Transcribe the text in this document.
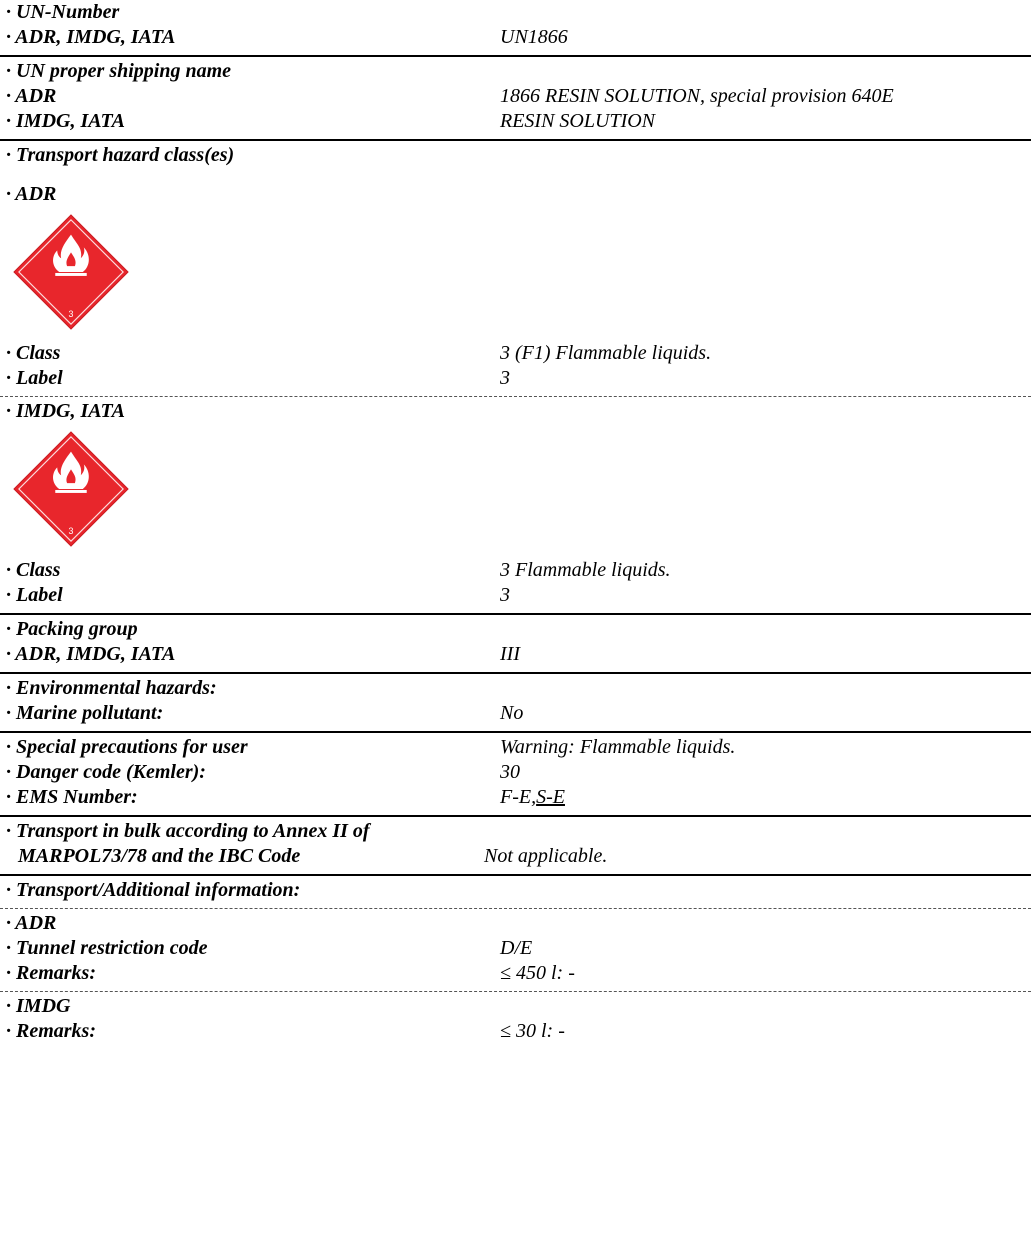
· UN-Number
· ADR, IMDG, IATA	UN1866
· UN proper shipping name
· ADR	1866 RESIN SOLUTION, special provision 640E
· IMDG, IATA	RESIN SOLUTION
· Transport hazard class(es)
· ADR
3
· Class	3 (F1) Flammable liquids.
· Label	3
· IMDG, IATA
3
· Class	3 Flammable liquids.
· Label	3
· Packing group
· ADR, IMDG, IATA	III
· Environmental hazards:
· Marine pollutant:	No
· Special precautions for user	Warning: Flammable liquids.
· Danger code (Kemler):	30
· EMS Number:	F-E,S-E
· Transport in bulk according to Annex II of
MARPOL73/78 and the IBC Code	Not applicable.
· Transport/Additional information:
· ADR
· Tunnel restriction code	D/E
· Remarks:	≤ 450 l: -
· IMDG
· Remarks:	≤ 30 l: -
